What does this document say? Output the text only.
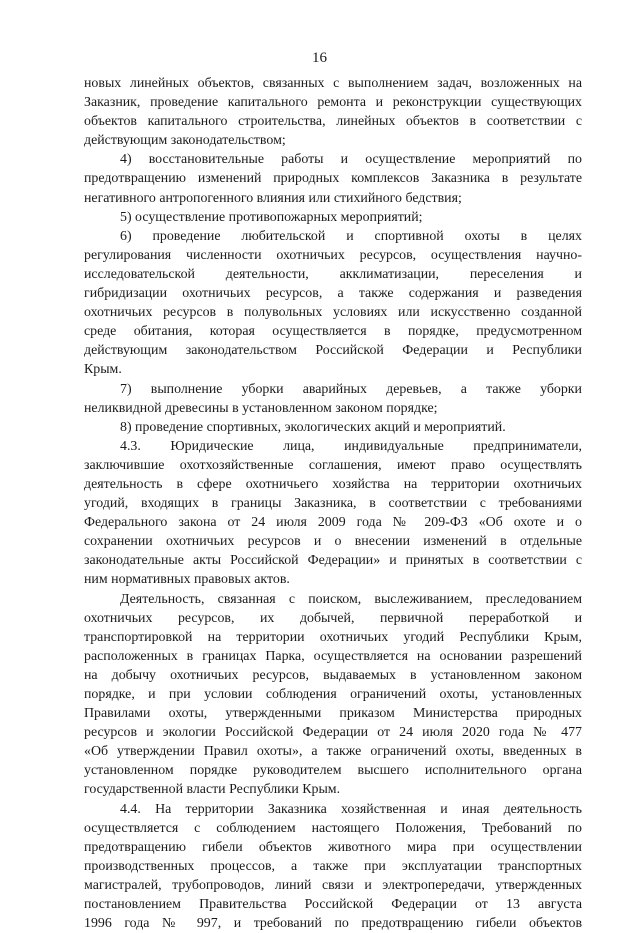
16
новых линейных объектов, связанных с выполнением задач, возложенных на
Заказник, проведение капитального ремонта и реконструкции существующих
объектов капитального строительства, линейных объектов в соответствии с
действующим законодательством;
4) восстановительные работы и осуществление мероприятий по
предотвращению изменений природных комплексов Заказника в результате
негативного антропогенного влияния или стихийного бедствия;
5) осуществление противопожарных мероприятий;
6) проведение любительской и спортивной охоты в целях
регулирования численности охотничьих ресурсов, осуществления научно-
исследовательской деятельности, акклиматизации, переселения и
гибридизации охотничьих ресурсов, а также содержания и разведения
охотничьих ресурсов в полувольных условиях или искусственно созданной
среде обитания, которая осуществляется в порядке, предусмотренном
действующим законодательством Российской Федерации и Республики
Крым.
7) выполнение уборки аварийных деревьев, а также уборки
неликвидной древесины в установленном законом порядке;
8) проведение спортивных, экологических акций и мероприятий.
4.3. Юридические лица, индивидуальные предприниматели,
заключившие охотхозяйственные соглашения, имеют право осуществлять
деятельность в сфере охотничьего хозяйства на территории охотничьих
угодий, входящих в границы Заказника, в соответствии с требованиями
Федерального закона от 24 июля 2009 года № 209-ФЗ «Об охоте и о
сохранении охотничьих ресурсов и о внесении изменений в отдельные
законодательные акты Российской Федерации» и принятых в соответствии с
ним нормативных правовых актов.
Деятельность, связанная с поиском, выслеживанием, преследованием
охотничьих ресурсов, их добычей, первичной переработкой и
транспортировкой на территории охотничьих угодий Республики Крым,
расположенных в границах Парка, осуществляется на основании разрешений
на добычу охотничьих ресурсов, выдаваемых в установленном законом
порядке, и при условии соблюдения ограничений охоты, установленных
Правилами охоты, утвержденными приказом Министерства природных
ресурсов и экологии Российской Федерации от 24 июля 2020 года № 477
«Об утверждении Правил охоты», а также ограничений охоты, введенных в
установленном порядке руководителем высшего исполнительного органа
государственной власти Республики Крым.
4.4. На территории Заказника хозяйственная и иная деятельность
осуществляется с соблюдением настоящего Положения, Требований по
предотвращению гибели объектов животного мира при осуществлении
производственных процессов, а также при эксплуатации транспортных
магистралей, трубопроводов, линий связи и электропередачи, утвержденных
постановлением Правительства Российской Федерации от 13 августа
1996 года № 997, и требований по предотвращению гибели объектов
